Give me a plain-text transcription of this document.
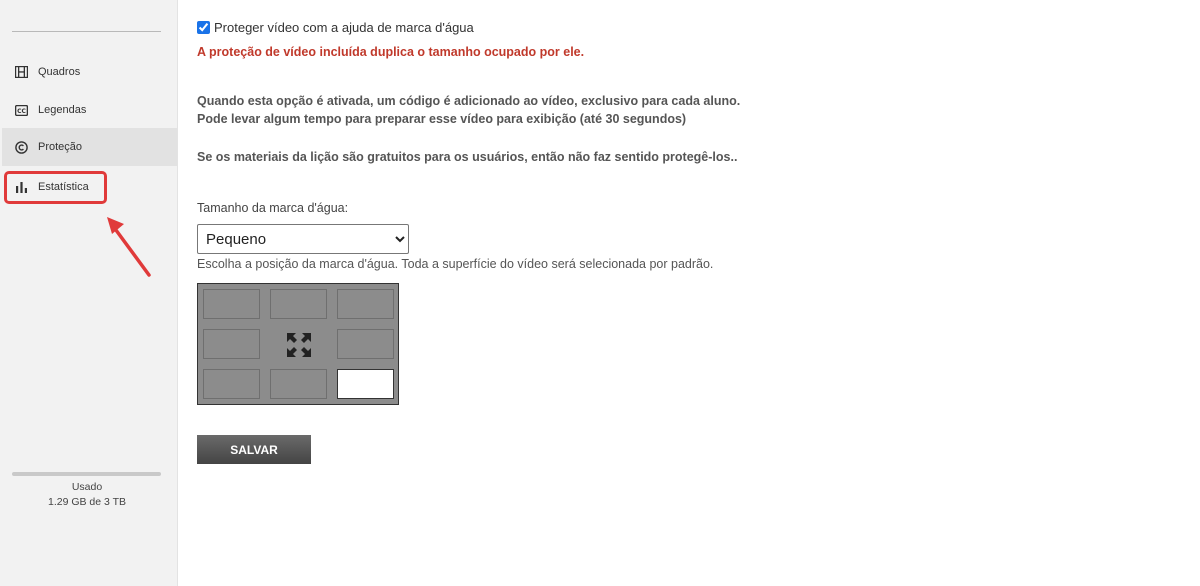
Quadros
CC Legendas
Proteção
Estatística
Usado
1.29 GB de 3 TB
Proteger vídeo com a ajuda de marca d'água
A proteção de vídeo incluída duplica o tamanho ocupado por ele.
Quando esta opção é ativada, um código é adicionado ao vídeo, exclusivo para cada aluno.
Pode levar algum tempo para preparar esse vídeo para exibição (até 30 segundos)
Se os materiais da lição são gratuitos para os usuários, então não faz sentido protegê-los..
Tamanho da marca d'água:
Pequeno
Escolha a posição da marca d'água. Toda a superfície do vídeo será selecionada por padrão.
SALVAR
